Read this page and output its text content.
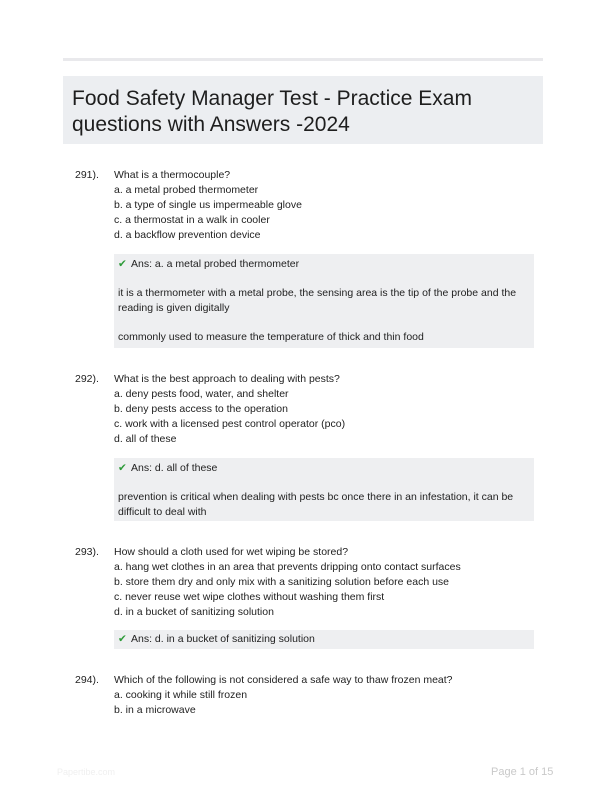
Food Safety Manager Test - Practice Exam questions with Answers -2024
291). What is a thermocouple?
a. a metal probed thermometer
b. a type of single us impermeable glove
c. a thermostat in a walk in cooler
d. a backflow prevention device
✔ Ans: a. a metal probed thermometer

it is a thermometer with a metal probe, the sensing area is the tip of the probe and the reading is given digitally

commonly used to measure the temperature of thick and thin food

292). What is the best approach to dealing with pests?
a. deny pests food, water, and shelter
b. deny pests access to the operation
c. work with a licensed pest control operator (pco)
d. all of these
✔ Ans: d. all of these

prevention is critical when dealing with pests bc once there in an infestation, it can be difficult to deal with

293). How should a cloth used for wet wiping be stored?
a. hang wet clothes in an area that prevents dripping onto contact surfaces
b. store them dry and only mix with a sanitizing solution before each use
c. never reuse wet wipe clothes without washing them first
d. in a bucket of sanitizing solution
✔ Ans: d. in a bucket of sanitizing solution
294). Which of the following is not considered a safe way to thaw frozen meat?
a. cooking it while still frozen
b. in a microwave
Papertibe.com	Page 1 of 15
